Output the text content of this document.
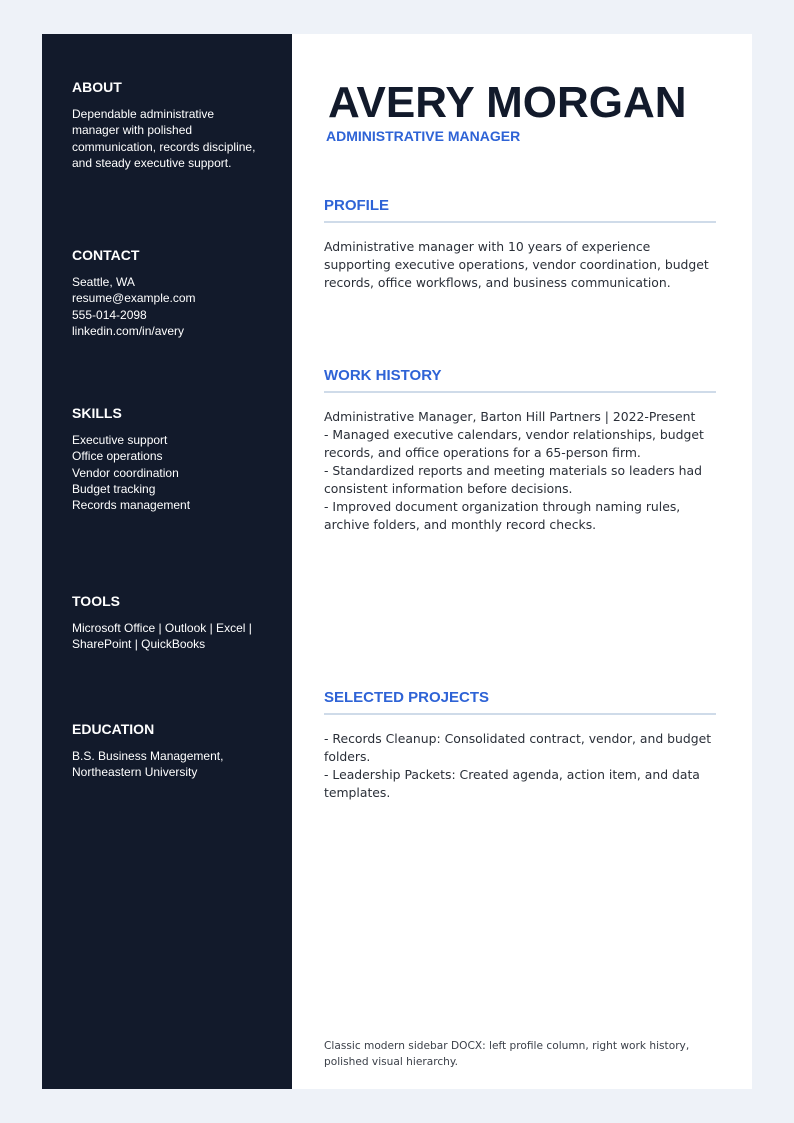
ABOUT

Dependable administrative manager with polished communication, records discipline, and steady executive support.

CONTACT
Seattle, WA
resume@example.com
555-014-2098
linkedin.com/in/avery
SKILLS
Executive support
Office operations
Vendor coordination
Budget tracking
Records management
TOOLS

Microsoft Office | Outlook | Excel | SharePoint | QuickBooks

EDUCATION

B.S. Business Management, Northeastern University

AVERY MORGAN
ADMINISTRATIVE MANAGER
PROFILE

Administrative manager with 10 years of experience supporting executive operations, vendor coordination, budget records, office workflows, and business communication.

WORK HISTORY
Administrative Manager, Barton Hill Partners | 2022-Present
- Managed executive calendars, vendor relationships, budget records, and office operations for a 65-person firm.
- Standardized reports and meeting materials so leaders had consistent information before decisions.
- Improved document organization through naming rules, archive folders, and monthly record checks.
SELECTED PROJECTS
- Records Cleanup: Consolidated contract, vendor, and budget folders.
- Leadership Packets: Created agenda, action item, and data templates.

Classic modern sidebar DOCX: left profile column, right work history, polished visual hierarchy.
